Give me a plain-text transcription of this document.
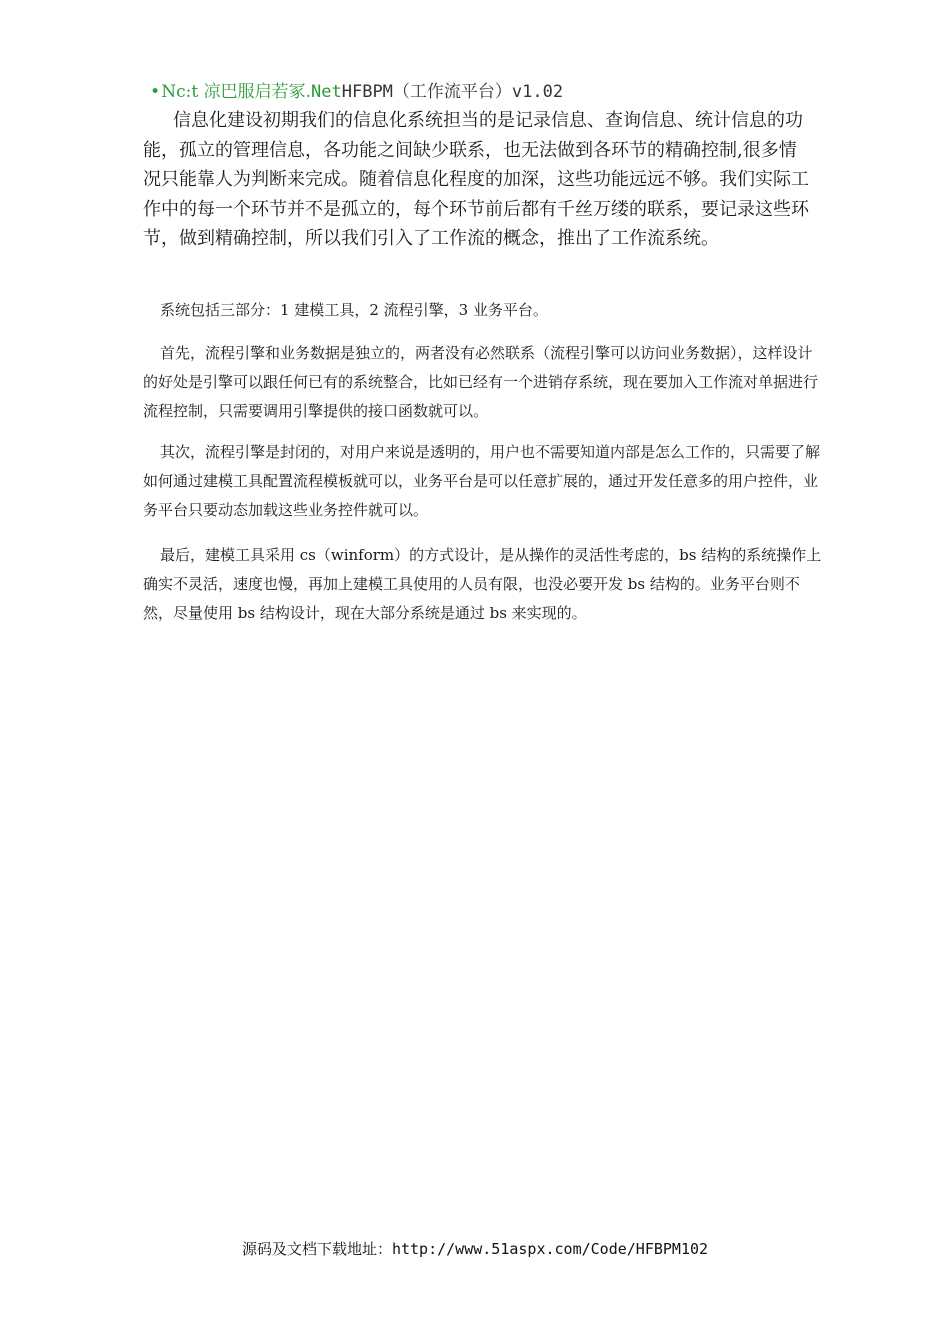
•Nc:t 凉巴服启若冢.NetHFBPM（工作流平台）v1.02

信息化建设初期我们的信息化系统担当的是记录信息、查询信息、统计信息的功能，孤立的管理信息，各功能之间缺少联系，也无法做到各环节的精确控制,很多情况只能靠人为判断来完成。随着信息化程度的加深，这些功能远远不够。我们实际工作中的每一个环节并不是孤立的，每个环节前后都有千丝万缕的联系，要记录这些环节，做到精确控制，所以我们引入了工作流的概念，推出了工作流系统。

系统包括三部分：1 建模工具，2 流程引擎，3 业务平台。

首先，流程引擎和业务数据是独立的，两者没有必然联系（流程引擎可以访问业务数据），这样设计的好处是引擎可以跟任何已有的系统整合，比如已经有一个进销存系统，现在要加入工作流对单据进行流程控制，只需要调用引擎提供的接口函数就可以。

其次，流程引擎是封闭的，对用户来说是透明的，用户也不需要知道内部是怎么工作的，只需要了解如何通过建模工具配置流程模板就可以，业务平台是可以任意扩展的，通过开发任意多的用户控件，业务平台只要动态加载这些业务控件就可以。

最后，建模工具采用 cs（winform）的方式设计，是从操作的灵活性考虑的，bs 结构的系统操作上确实不灵活，速度也慢，再加上建模工具使用的人员有限，也没必要开发 bs 结构的。业务平台则不然，尽量使用 bs 结构设计，现在大部分系统是通过 bs 来实现的。

源码及文档下载地址：http://www.51aspx.com/Code/HFBPM102
